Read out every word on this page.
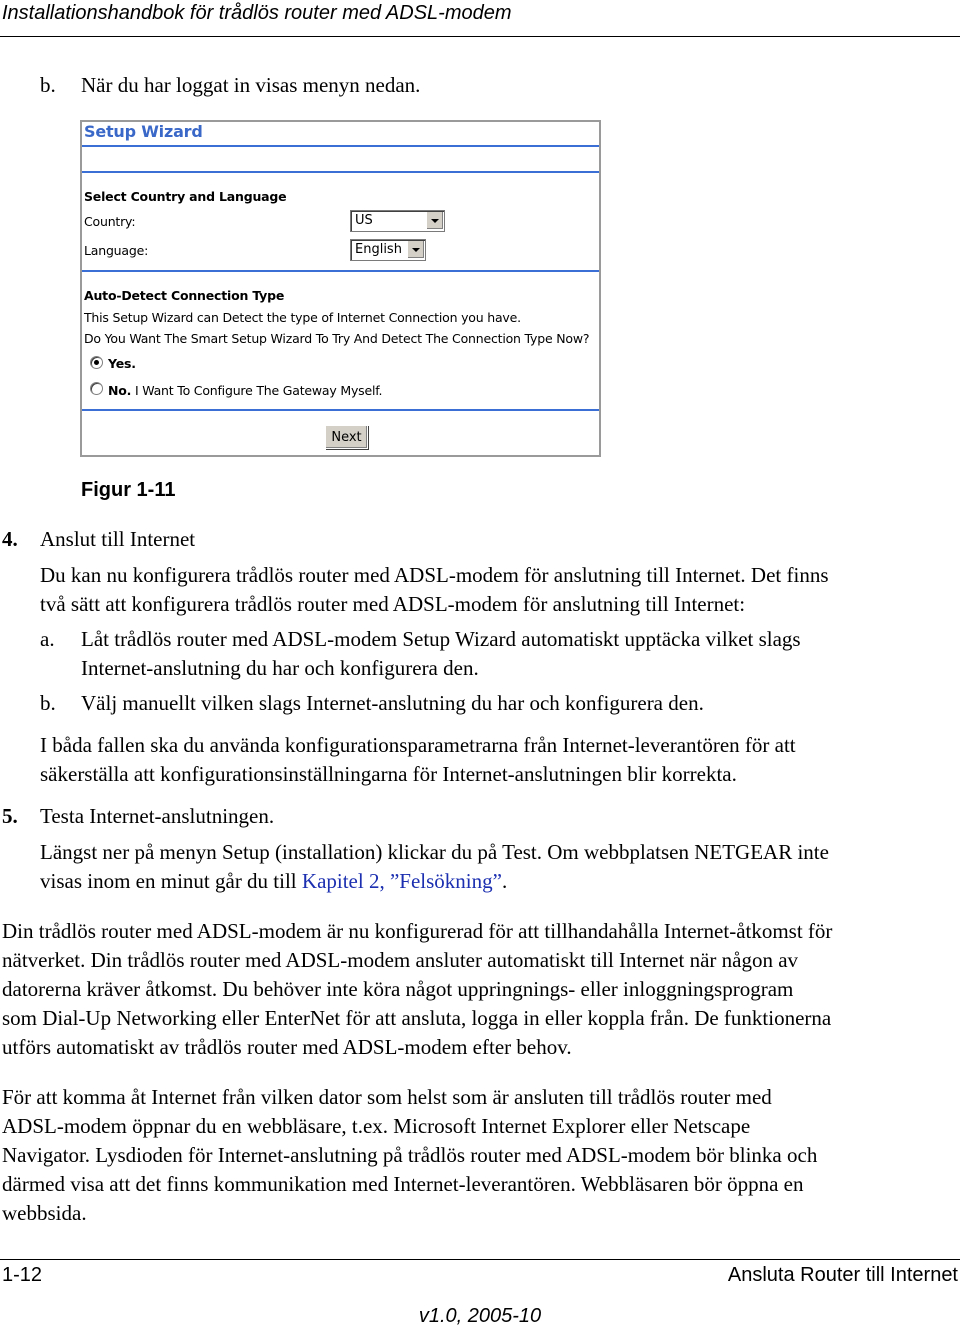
Installationshandbok för trådlös router med ADSL-modem
b. När du har loggat in visas menyn nedan.
Setup Wizard
Select Country and Language
Country:	US
Language:	English
Auto-Detect Connection Type
This Setup Wizard can Detect the type of Internet Connection you have.
Do You Want The Smart Setup Wizard To Try And Detect The Connection Type Now?
Yes.
No. I Want To Configure The Gateway Myself.
Next
Figur 1-11
4. Anslut till Internet
Du kan nu konfigurera trådlös router med ADSL-modem för anslutning till Internet. Det finns
två sätt att konfigurera trådlös router med ADSL-modem för anslutning till Internet:
a. Låt trådlös router med ADSL-modem Setup Wizard automatiskt upptäcka vilket slags
Internet-anslutning du har och konfigurera den.
b. Välj manuellt vilken slags Internet-anslutning du har och konfigurera den.
I båda fallen ska du använda konfigurationsparametrarna från Internet-leverantören för att
säkerställa att konfigurationsinställningarna för Internet-anslutningen blir korrekta.
5. Testa Internet-anslutningen.
Längst ner på menyn Setup (installation) klickar du på Test. Om webbplatsen NETGEAR inte
visas inom en minut går du till Kapitel 2, ”Felsökning”.
Din trådlös router med ADSL-modem är nu konfigurerad för att tillhandahålla Internet-åtkomst för
nätverket. Din trådlös router med ADSL-modem ansluter automatiskt till Internet när någon av
datorerna kräver åtkomst. Du behöver inte köra något uppringnings- eller inloggningsprogram
som Dial-Up Networking eller EnterNet för att ansluta, logga in eller koppla från. De funktionerna
utförs automatiskt av trådlös router med ADSL-modem efter behov.
För att komma åt Internet från vilken dator som helst som är ansluten till trådlös router med
ADSL-modem öppnar du en webbläsare, t.ex. Microsoft Internet Explorer eller Netscape
Navigator. Lysdioden för Internet-anslutning på trådlös router med ADSL-modem bör blinka och
därmed visa att det finns kommunikation med Internet-leverantören. Webbläsaren bör öppna en
webbsida.
1-12	Ansluta Router till Internet
v1.0, 2005-10
